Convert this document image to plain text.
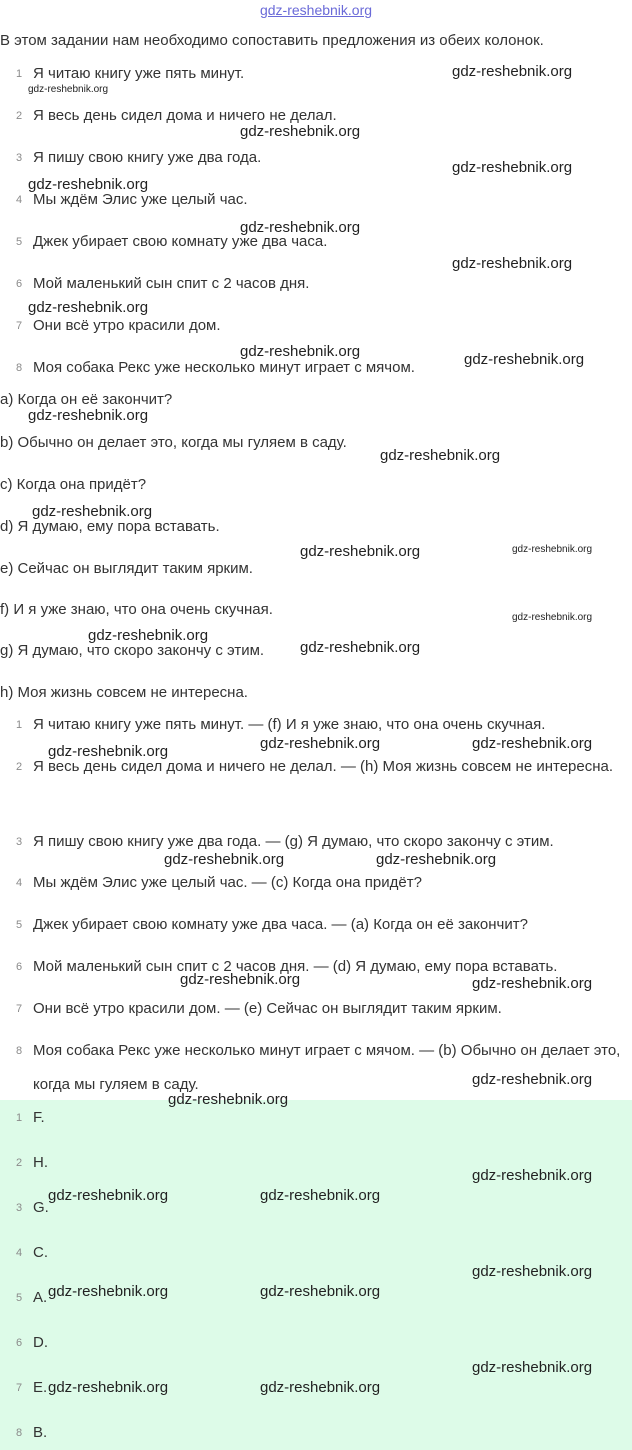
gdz-reshebnik.org
В этом задании нам необходимо сопоставить предложения из обеих колонок.
1 Я читаю книгу уже пять минут.
2 Я весь день сидел дома и ничего не делал.
3 Я пишу свою книгу уже два года.
4 Мы ждём Элис уже целый час.
5 Джек убирает свою комнату уже два часа.
6 Мой маленький сын спит с 2 часов дня.
7 Они всё утро красили дом.
8 Моя собака Рекс уже несколько минут играет с мячом.
a) Когда он её закончит?
b) Обычно он делает это, когда мы гуляем в саду.
c) Когда она придёт?
d) Я думаю, ему пора вставать.
e) Сейчас он выглядит таким ярким.
f) И я уже знаю, что она очень скучная.
g) Я думаю, что скоро закончу с этим.
h) Моя жизнь совсем не интересна.
1 Я читаю книгу уже пять минут. — (f) И я уже знаю, что она очень скучная.
2 Я весь день сидел дома и ничего не делал. — (h) Моя жизнь совсем не интересна.
3 Я пишу свою книгу уже два года. — (g) Я думаю, что скоро закончу с этим.
4 Мы ждём Элис уже целый час. — (c) Когда она придёт?
5 Джек убирает свою комнату уже два часа. — (a) Когда он её закончит?
6 Мой маленький сын спит с 2 часов дня. — (d) Я думаю, ему пора вставать.
7 Они всё утро красили дом. — (e) Сейчас он выглядит таким ярким.
8 Моя собака Рекс уже несколько минут играет с мячом. — (b) Обычно он делает это, когда мы гуляем в саду.
1 F.
2 H.
3 G.
4 C.
5 A.
6 D.
7 E.
8 B.
gdz-reshebnik.org
gdz-reshebnik.org
gdz-reshebnik.org
gdz-reshebnik.org
gdz-reshebnik.org
gdz-reshebnik.org
gdz-reshebnik.org
gdz-reshebnik.org
gdz-reshebnik.org	gdz-reshebnik.org
gdz-reshebnik.org
gdz-reshebnik.org
gdz-reshebnik.org
gdz-reshebnik.org	gdz-reshebnik.org
gdz-reshebnik.org
gdz-reshebnik.org
gdz-reshebnik.org
gdz-reshebnik.org	gdz-reshebnik.org	gdz-reshebnik.org
gdz-reshebnik.org	gdz-reshebnik.org
gdz-reshebnik.org	gdz-reshebnik.org
gdz-reshebnik.org
gdz-reshebnik.org
gdz-reshebnik.org
gdz-reshebnik.org	gdz-reshebnik.org
gdz-reshebnik.org
gdz-reshebnik.org	gdz-reshebnik.org
gdz-reshebnik.org
gdz-reshebnik.org	gdz-reshebnik.org
